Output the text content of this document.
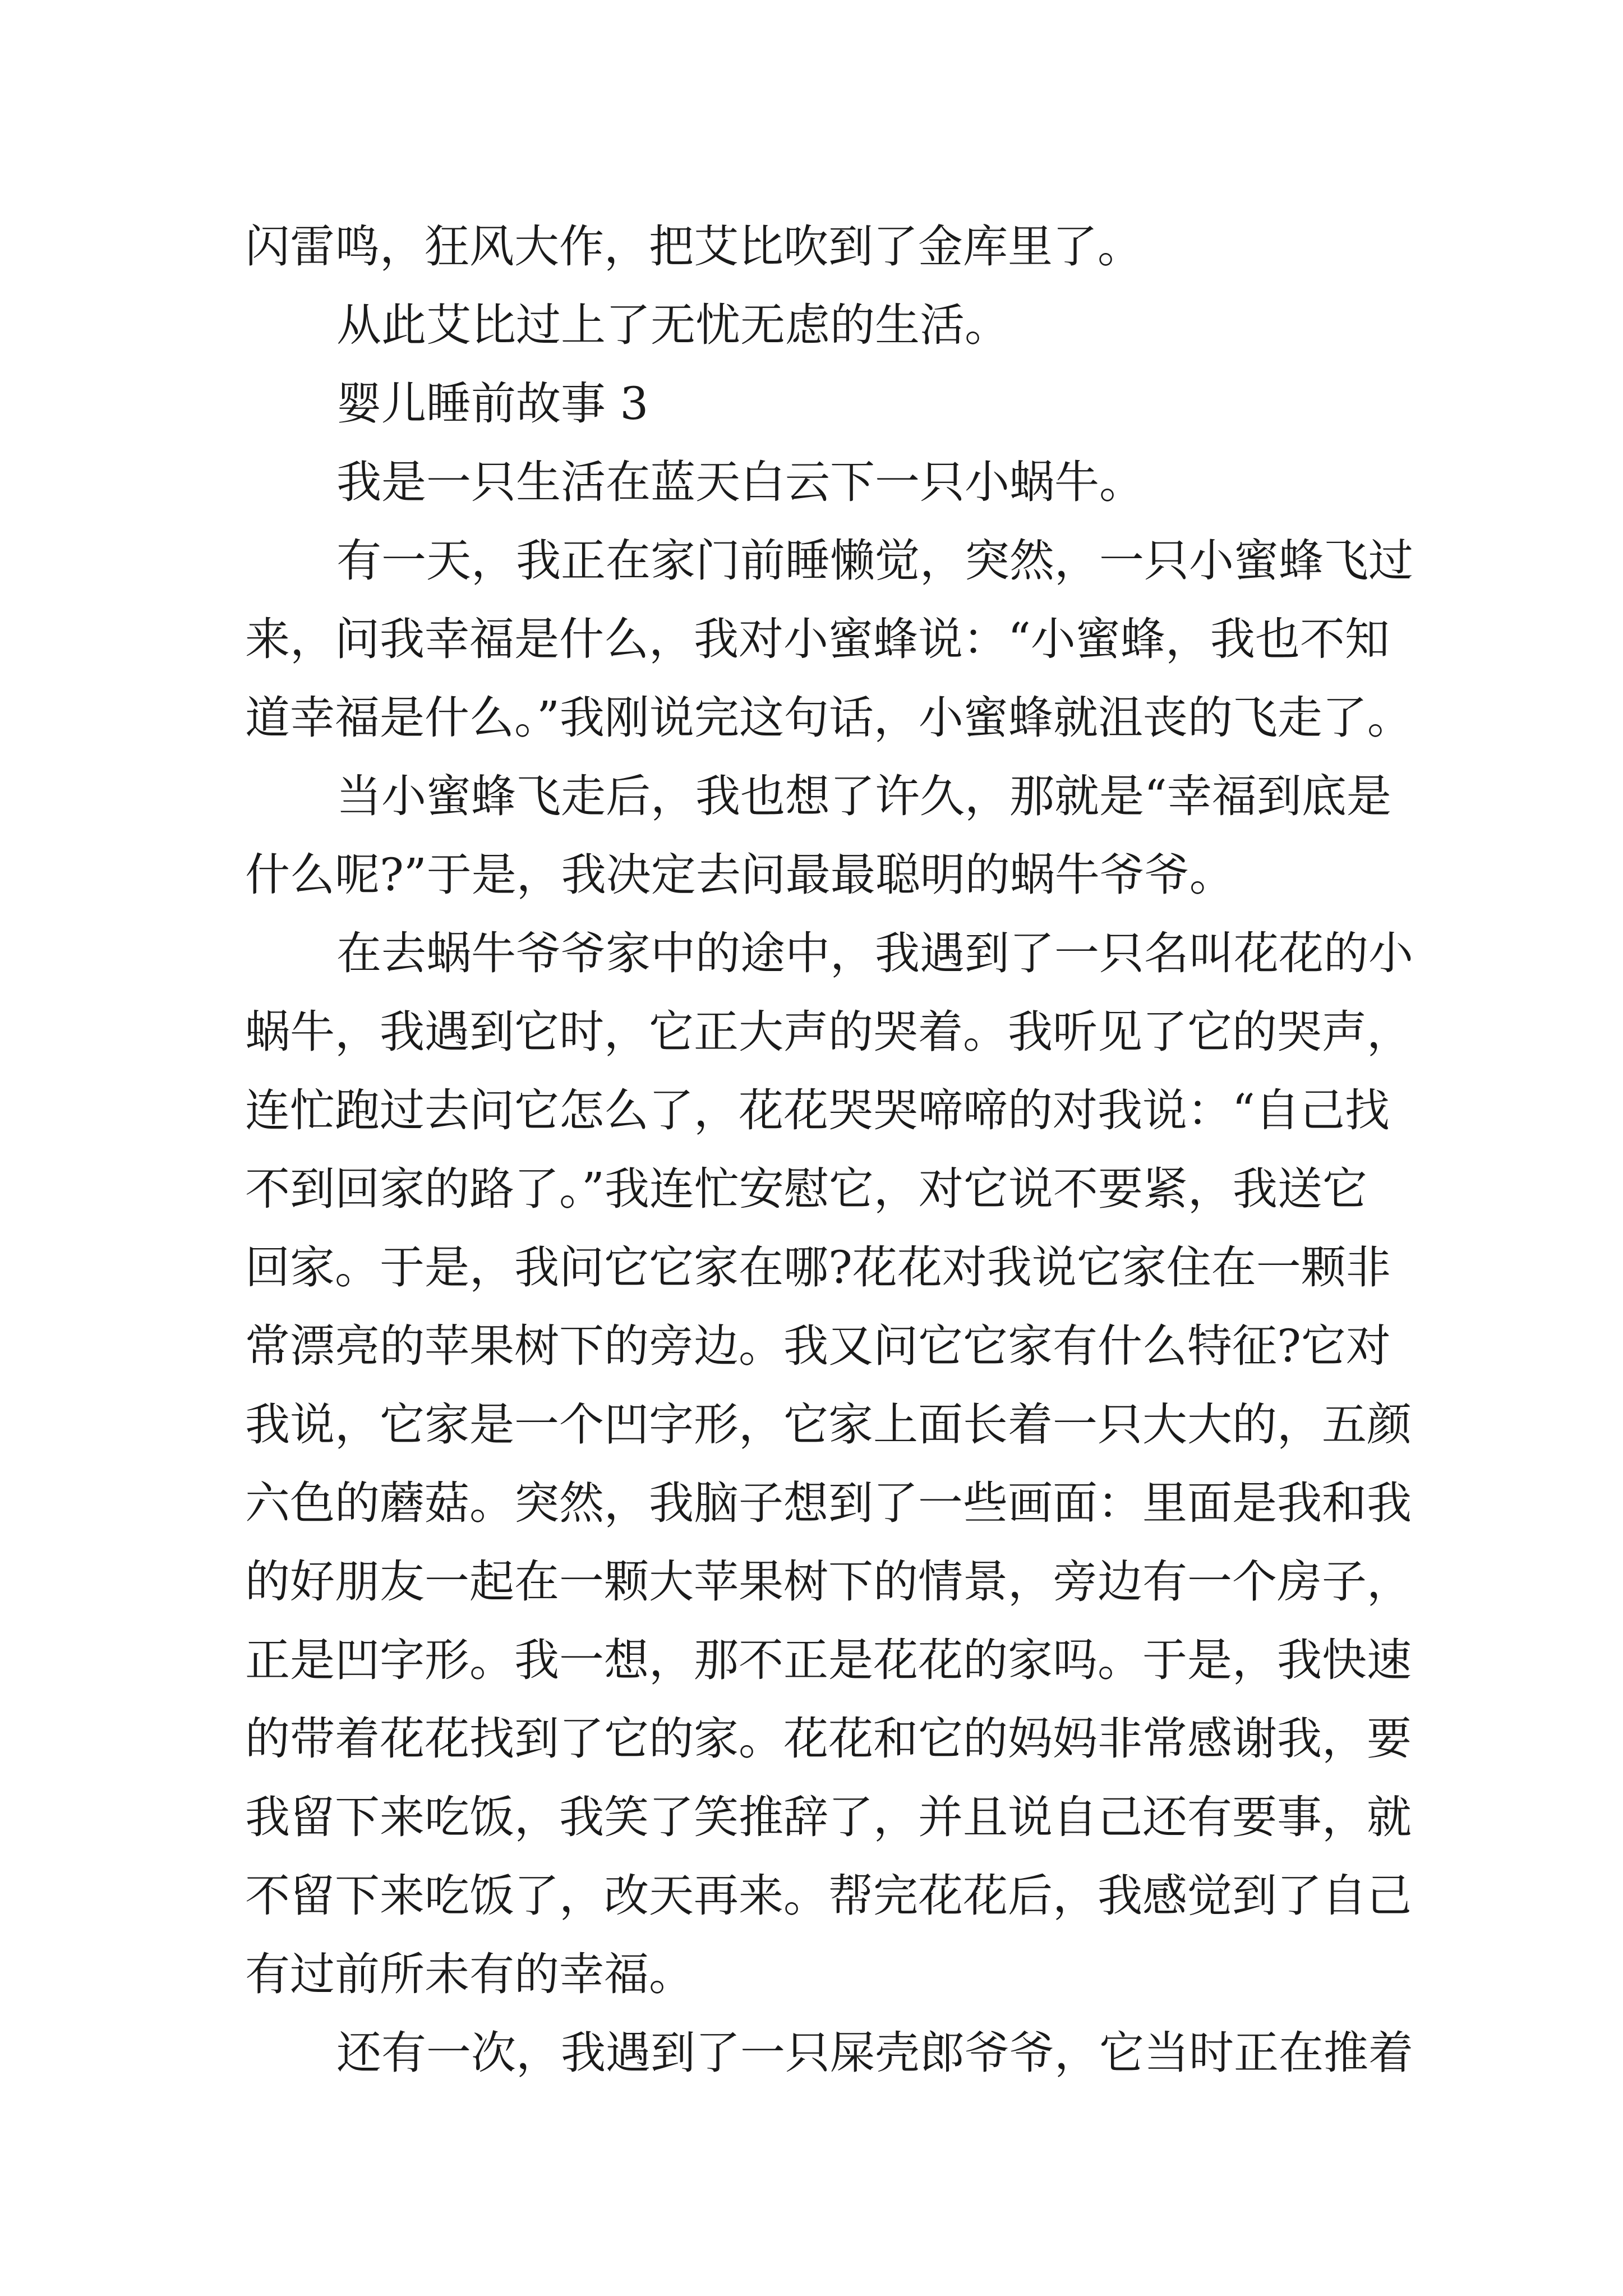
闪雷鸣，狂风大作，把艾比吹到了金库里了。
从此艾比过上了无忧无虑的生活。
婴儿睡前故事 3
我是一只生活在蓝天白云下一只小蜗牛。
有一天，我正在家门前睡懒觉，突然，一只小蜜蜂飞过
来，问我幸福是什么，我对小蜜蜂说：“小蜜蜂，我也不知
道幸福是什么。”我刚说完这句话，小蜜蜂就沮丧的飞走了。
当小蜜蜂飞走后，我也想了许久，那就是“幸福到底是
什么呢?”于是，我决定去问最最聪明的蜗牛爷爷。
在去蜗牛爷爷家中的途中，我遇到了一只名叫花花的小
蜗牛，我遇到它时，它正大声的哭着。我听见了它的哭声，
连忙跑过去问它怎么了，花花哭哭啼啼的对我说：“自己找
不到回家的路了。”我连忙安慰它，对它说不要紧，我送它
回家。于是，我问它它家在哪?花花对我说它家住在一颗非
常漂亮的苹果树下的旁边。我又问它它家有什么特征?它对
我说，它家是一个凹字形，它家上面长着一只大大的，五颜
六色的蘑菇。突然，我脑子想到了一些画面：里面是我和我
的好朋友一起在一颗大苹果树下的情景，旁边有一个房子，
正是凹字形。我一想，那不正是花花的家吗。于是，我快速
的带着花花找到了它的家。花花和它的妈妈非常感谢我，要
我留下来吃饭，我笑了笑推辞了，并且说自己还有要事，就
不留下来吃饭了，改天再来。帮完花花后，我感觉到了自己
有过前所未有的幸福。
还有一次，我遇到了一只屎壳郎爷爷，它当时正在推着
